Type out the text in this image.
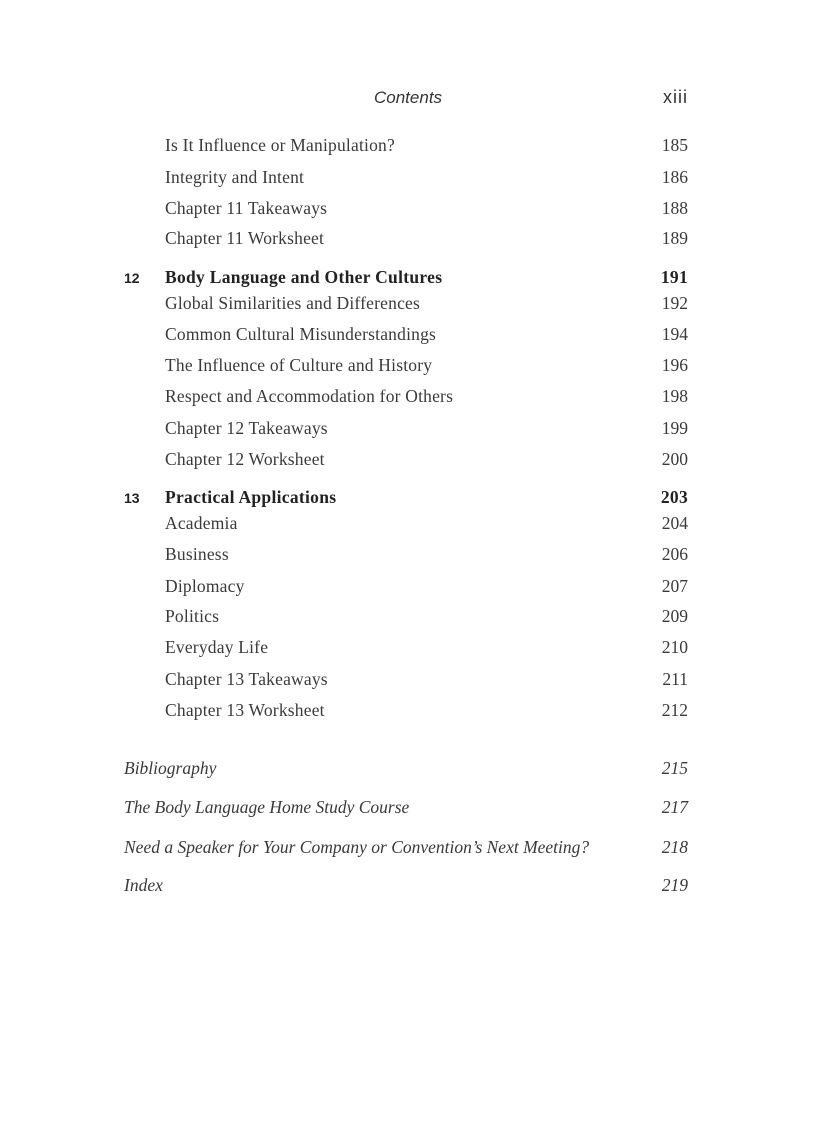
Contents	xiii
Is It Influence or Manipulation?	185
Integrity and Intent	186
Chapter 11 Takeaways	188
Chapter 11 Worksheet	189
12 Body Language and Other Cultures	191
Global Similarities and Differences	192
Common Cultural Misunderstandings	194
The Influence of Culture and History	196
Respect and Accommodation for Others	198
Chapter 12 Takeaways	199
Chapter 12 Worksheet	200
13 Practical Applications	203
Academia	204
Business	206
Diplomacy	207
Politics	209
Everyday Life	210
Chapter 13 Takeaways	211
Chapter 13 Worksheet	212
Bibliography	215
The Body Language Home Study Course	217
Need a Speaker for Your Company or Convention’s Next Meeting?	218
Index	219
